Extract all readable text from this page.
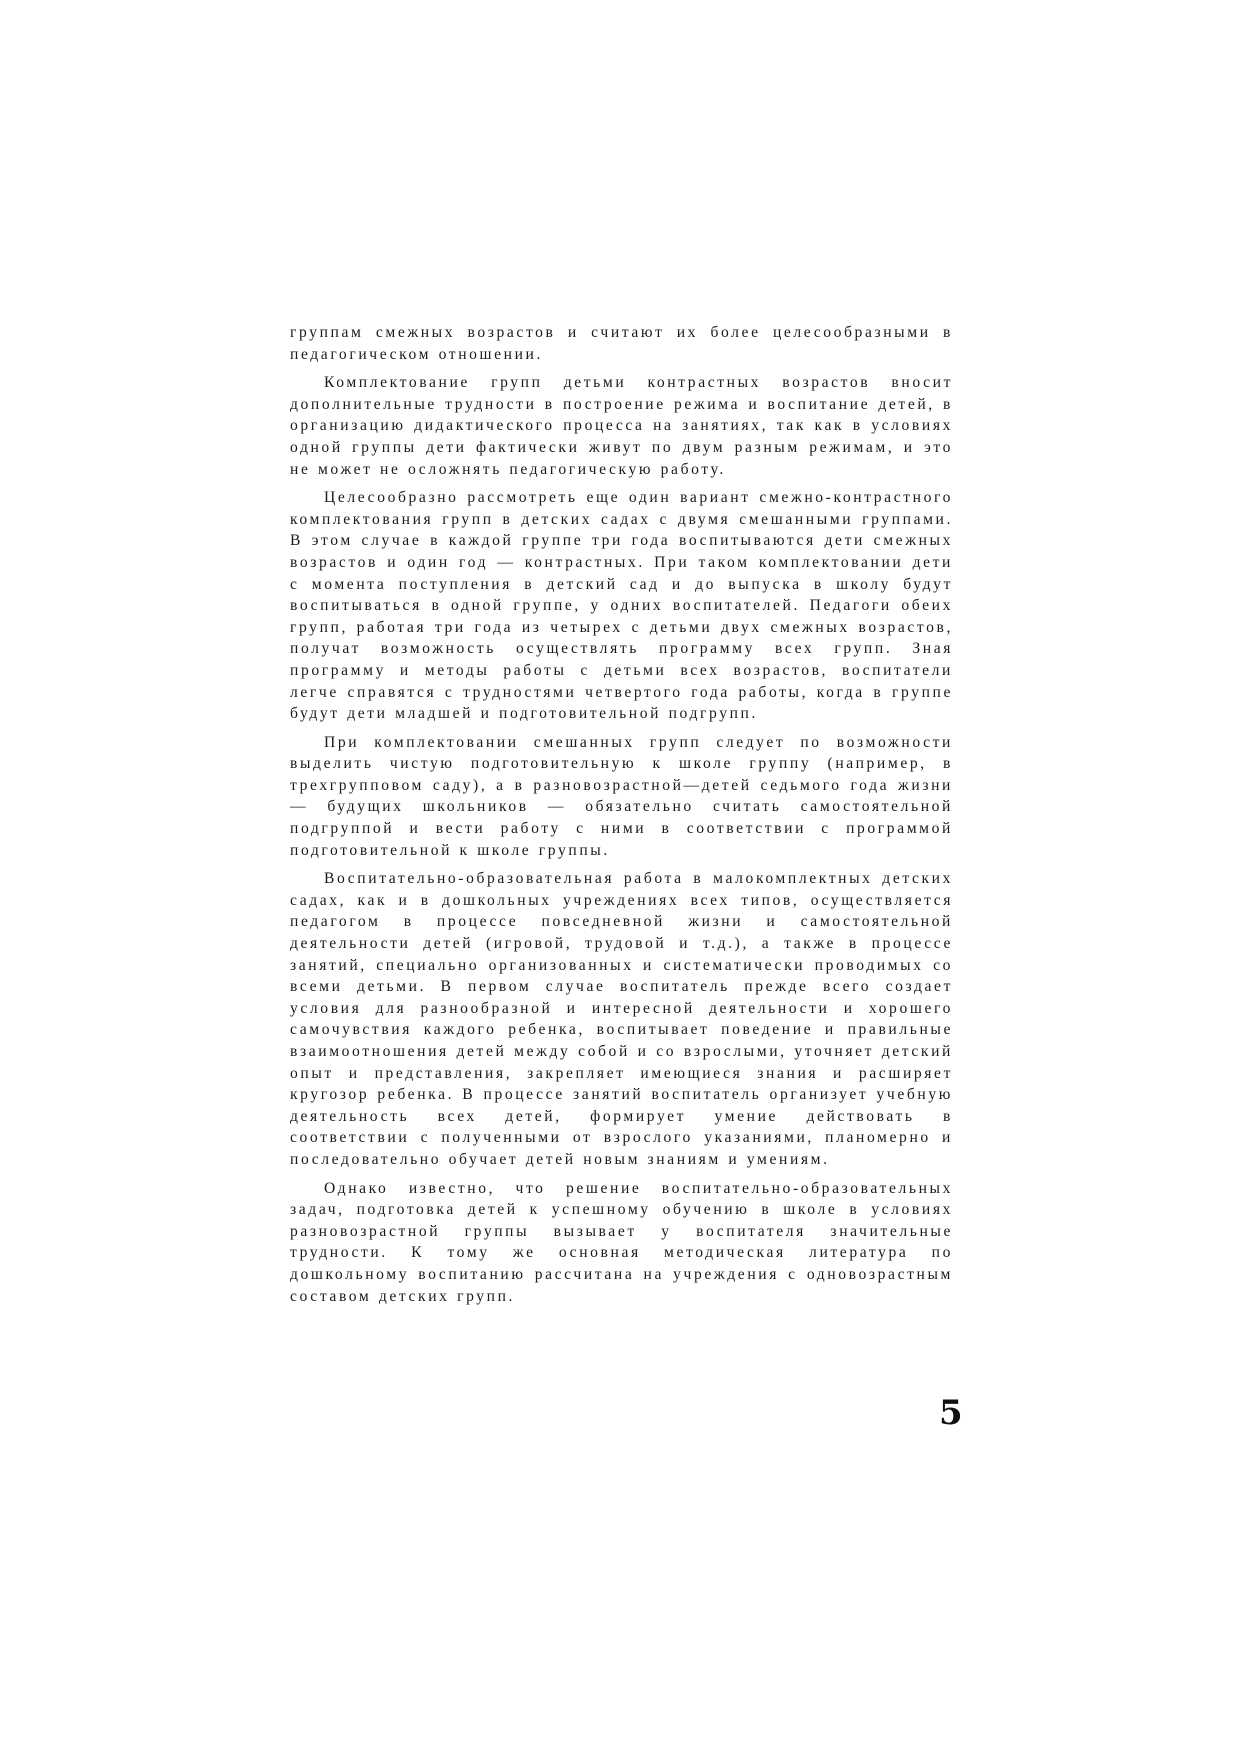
группам смежных возрастов и считают их более целесообразными в педагогическом отношении.

Комплектование групп детьми контрастных возрастов вносит дополнительные трудности в построение режима и воспитание детей, в организацию дидактического процесса на занятиях, так как в условиях одной группы дети фактически живут по двум разным режимам, и это не может не осложнять педагогическую работу.

Целесообразно рассмотреть еще один вариант смежно-контрастного комплектования групп в детских садах с двумя смешанными группами. В этом случае в каждой группе три года воспитываются дети смежных возрастов и один год — контрастных. При таком комплектовании дети с момента поступления в детский сад и до выпуска в школу будут воспитываться в одной группе, у одних воспитателей. Педагоги обеих групп, работая три года из четырех с детьми двух смежных возрастов, получат возможность осуществлять программу всех групп. Зная программу и методы работы с детьми всех возрастов, воспитатели легче справятся с трудностями четвертого года работы, когда в группе будут дети младшей и подготовительной подгрупп.

При комплектовании смешанных групп следует по возможности выделить чистую подготовительную к школе группу (например, в трехгрупповом саду), а в разновозрастной—детей седьмого года жизни — будущих школьников — обязательно считать самостоятельной подгруппой и вести работу с ними в соответствии с программой подготовительной к школе группы.

Воспитательно-образовательная работа в малокомплектных детских садах, как и в дошкольных учреждениях всех типов, осуществляется педагогом в процессе повседневной жизни и самостоятельной деятельности детей (игровой, трудовой и т.д.), а также в процессе занятий, специально организованных и систематически проводимых со всеми детьми. В первом случае воспитатель прежде всего создает условия для разнообразной и интересной деятельности и хорошего самочувствия каждого ребенка, воспитывает поведение и правильные взаимоотношения детей между собой и со взрослыми, уточняет детский опыт и представления, закрепляет имеющиеся знания и расширяет кругозор ребенка. В процессе занятий воспитатель организует учебную деятельность всех детей, формирует умение действовать в соответствии с полученными от взрослого указаниями, планомерно и последовательно обучает детей новым знаниям и умениям.

Однако известно, что решение воспитательно-образовательных задач, подготовка детей к успешному обучению в школе в условиях разновозрастной группы вызывает у воспитателя значительные трудности. К тому же основная методическая литература по дошкольному воспитанию рассчитана на учреждения с одновозрастным составом детских групп.

5
